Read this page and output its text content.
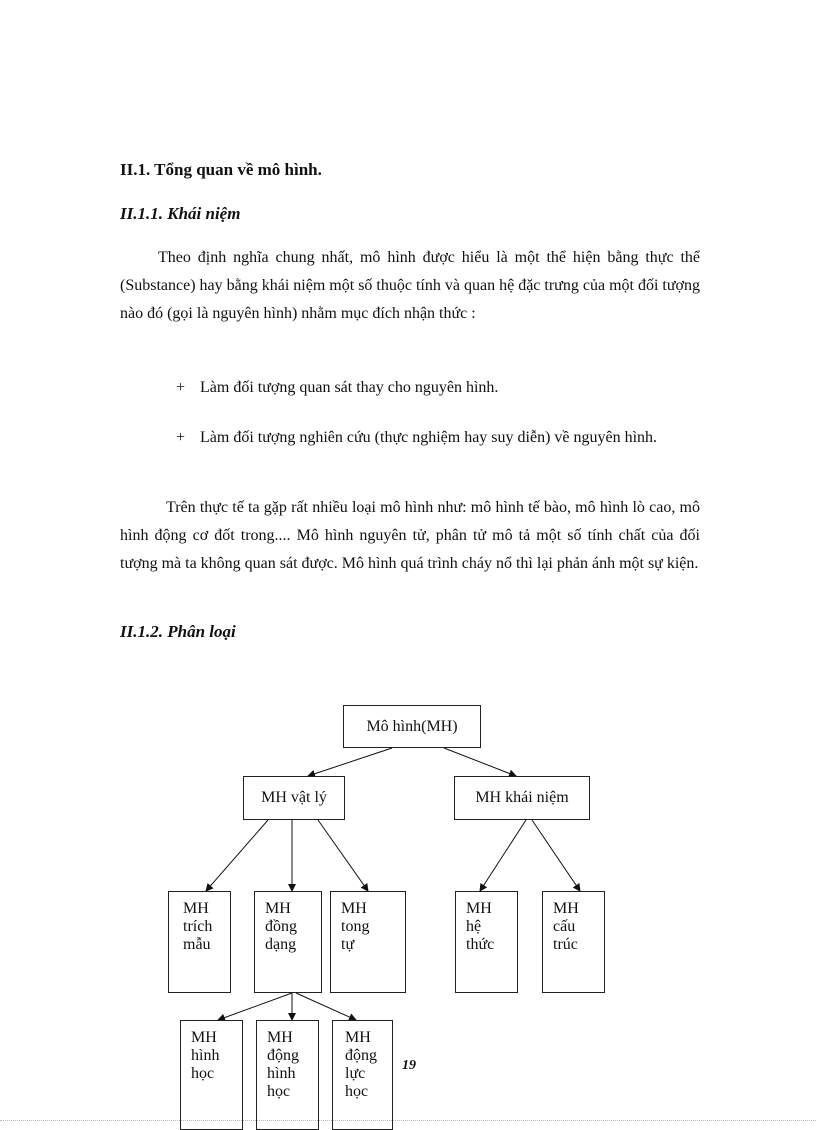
II.1. Tổng quan về mô hình.
II.1.1. Khái niệm

Theo định nghĩa chung nhất, mô hình được hiểu là một thể hiện bằng thực thể (Substance) hay bằng khái niệm một số thuộc tính và quan hệ đặc trưng của một đối tượng nào đó (gọi là nguyên hình) nhằm mục đích nhận thức :

+ Làm đối tượng quan sát thay cho nguyên hình.
+ Làm đối tượng nghiên cứu (thực nghiệm hay suy diễn) về nguyên hình.

Trên thực tế ta gặp rất nhiều loại mô hình như: mô hình tế bào, mô hình lò cao, mô hình động cơ đốt trong.... Mô hình nguyên tử, phân tử mô tả một số tính chất của đối tượng mà ta không quan sát được. Mô hình quá trình cháy nổ thì lại phản ánh một sự kiện.

II.1.2. Phân loại
Mô hình(MH)
MH vật lý	MH khái niệm
MH
trích
mẫu
MH
đồng
dạng
MH
tong
tự
MH
hệ
thức
MH
cấu
trúc
MH
hình
học
MH
động
hình
học
MH
động
lực
học
19
